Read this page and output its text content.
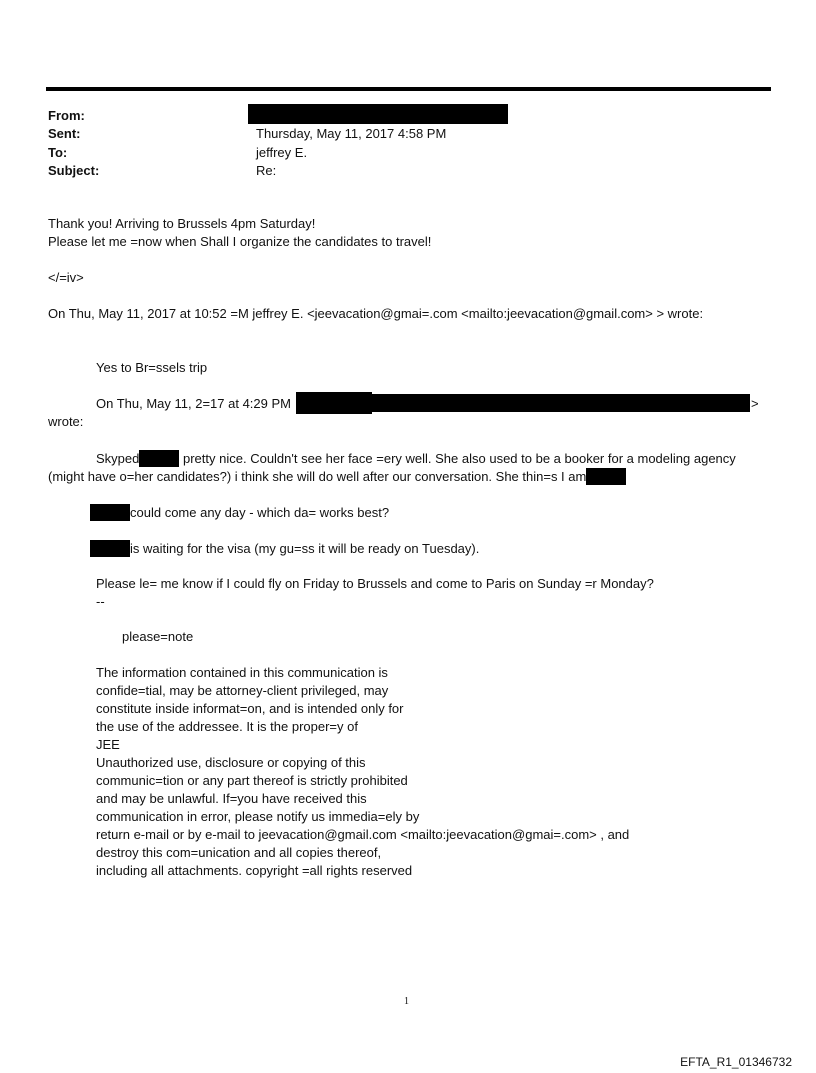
From:
Sent:
To:
Subject:
Thursday, May 11, 2017 4:58 PM
jeffrey E.
Re:
Thank you! Arriving to Brussels 4pm Saturday!
Please let me =now when Shall I organize the candidates to travel!
</=iv>
On Thu, May 11, 2017 at 10:52 =M jeffrey E. <jeevacation@gmai=.com <mailto:jeevacation@gmail.com> > wrote:
Yes to Br=ssels trip
On Thu, May 11, 2=17 at 4:29 PM	>
wrote:
Skyped	pretty nice. Couldn't see her face =ery well. She also used to be a booker for a modeling agency
(might have o=her candidates?) i think she will do well after our conversation. She thin=s I am
could come any day - which da= works best?
is waiting for the visa (my gu=ss it will be ready on Tuesday).
Please le= me know if I could fly on Friday to Brussels and come to Paris on Sunday =r Monday?
--
please=note
The information contained in this communication is
confide=tial, may be attorney-client privileged, may
constitute inside informat=on, and is intended only for
the use of the addressee. It is the proper=y of
JEE
Unauthorized use, disclosure or copying of this
communic=tion or any part thereof is strictly prohibited
and may be unlawful. If=you have received this
communication in error, please notify us immedia=ely by
return e-mail or by e-mail to jeevacation@gmail.com <mailto:jeevacation@gmai=.com> , and
destroy this com=unication and all copies thereof,
including all attachments. copyright =all rights reserved
1
EFTA_R1_01346732
